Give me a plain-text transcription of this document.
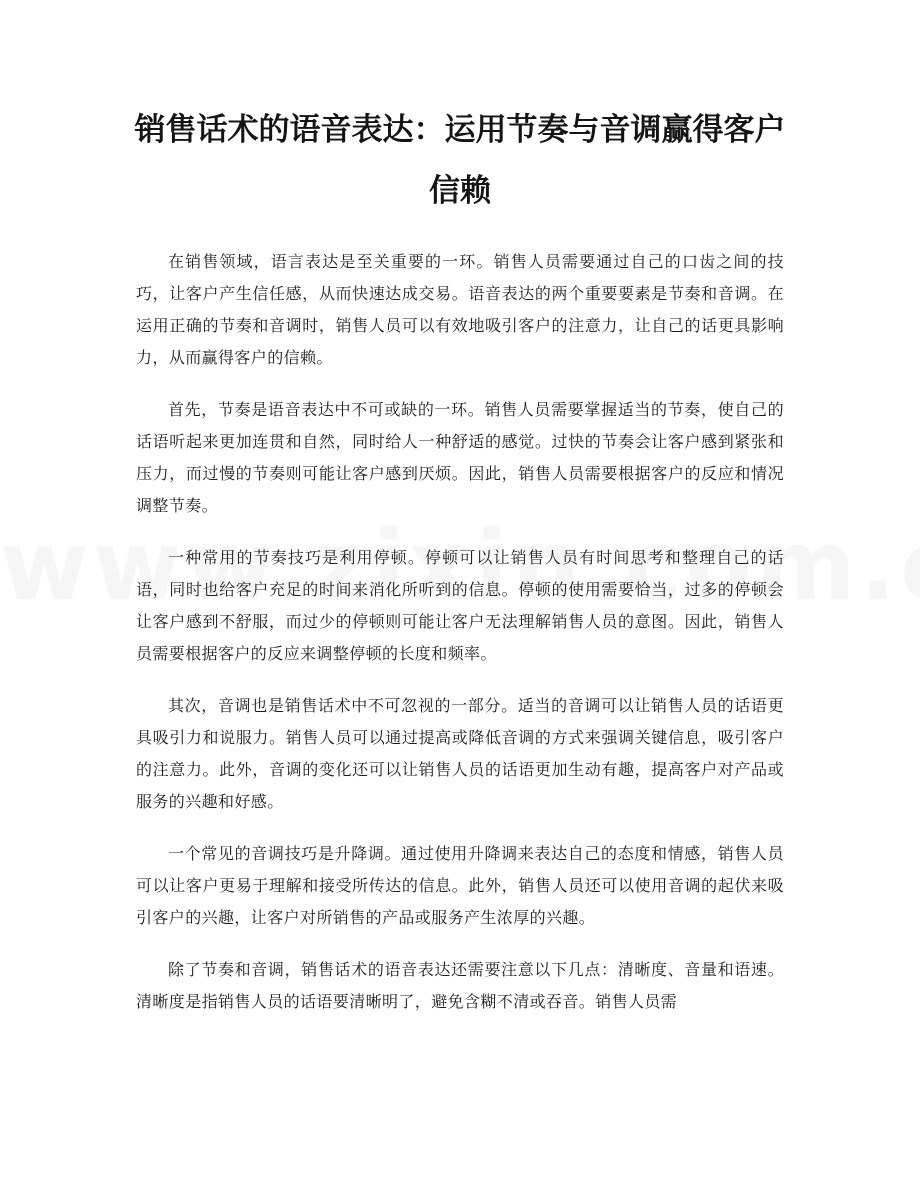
销售话术的语音表达：运用节奏与音调赢得客户信赖

在销售领域，语言表达是至关重要的一环。销售人员需要通过自己的口齿之间的技巧，让客户产生信任感，从而快速达成交易。语音表达的两个重要要素是节奏和音调。在运用正确的节奏和音调时，销售人员可以有效地吸引客户的注意力，让自己的话更具影响力，从而赢得客户的信赖。

首先，节奏是语音表达中不可或缺的一环。销售人员需要掌握适当的节奏，使自己的话语听起来更加连贯和自然，同时给人一种舒适的感觉。过快的节奏会让客户感到紧张和压力，而过慢的节奏则可能让客户感到厌烦。因此，销售人员需要根据客户的反应和情况调整节奏。

一种常用的节奏技巧是利用停顿。停顿可以让销售人员有时间思考和整理自己的话语，同时也给客户充足的时间来消化所听到的信息。停顿的使用需要恰当，过多的停顿会让客户感到不舒服，而过少的停顿则可能让客户无法理解销售人员的意图。因此，销售人员需要根据客户的反应来调整停顿的长度和频率。

其次，音调也是销售话术中不可忽视的一部分。适当的音调可以让销售人员的话语更具吸引力和说服力。销售人员可以通过提高或降低音调的方式来强调关键信息，吸引客户的注意力。此外，音调的变化还可以让销售人员的话语更加生动有趣，提高客户对产品或服务的兴趣和好感。

一个常见的音调技巧是升降调。通过使用升降调来表达自己的态度和情感，销售人员可以让客户更易于理解和接受所传达的信息。此外，销售人员还可以使用音调的起伏来吸引客户的兴趣，让客户对所销售的产品或服务产生浓厚的兴趣。

除了节奏和音调，销售话术的语音表达还需要注意以下几点：清晰度、音量和语速。清晰度是指销售人员的话语要清晰明了，避免含糊不清或吞音。销售人员需
